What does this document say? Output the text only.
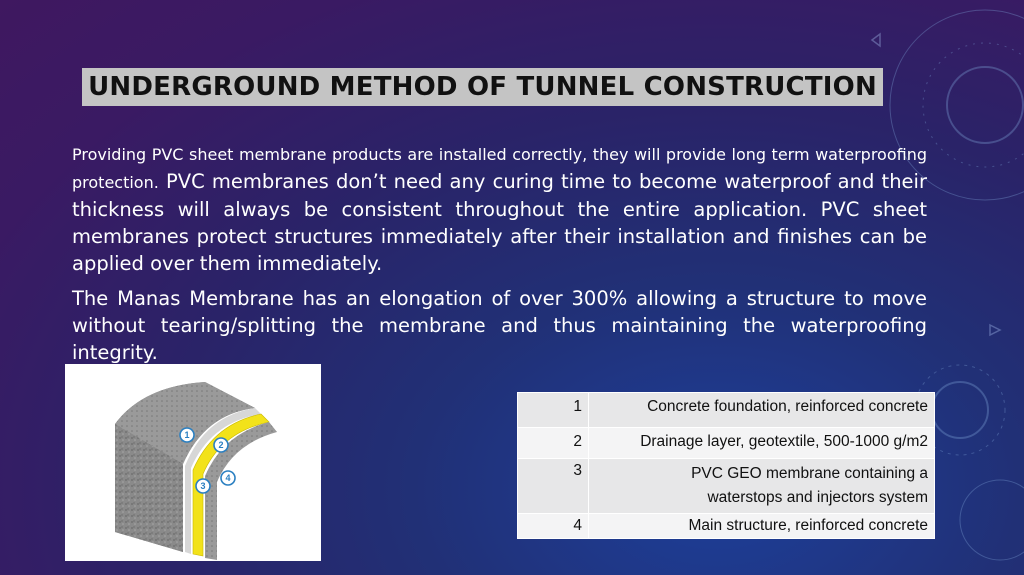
UNDERGROUND METHOD OF TUNNEL CONSTRUCTION

Providing PVC sheet membrane products are installed correctly, they will provide long term waterproofing protection. PVC membranes don’t need any curing time to become waterproof and their thickness will always be consistent throughout the entire application. PVC sheet membranes protect structures immediately after their installation and finishes can be applied over them immediately.

The Manas Membrane has an elongation of over 300% allowing a structure to move without tearing/splitting the membrane and thus maintaining the waterproofing integrity.

1
2
3
4
1	Concrete foundation, reinforced concrete
2	Drainage layer, geotextile, 500-1000 g/m2
3	PVC GEO membrane containing a
waterstops and injectors system
4	Main structure, reinforced concrete
